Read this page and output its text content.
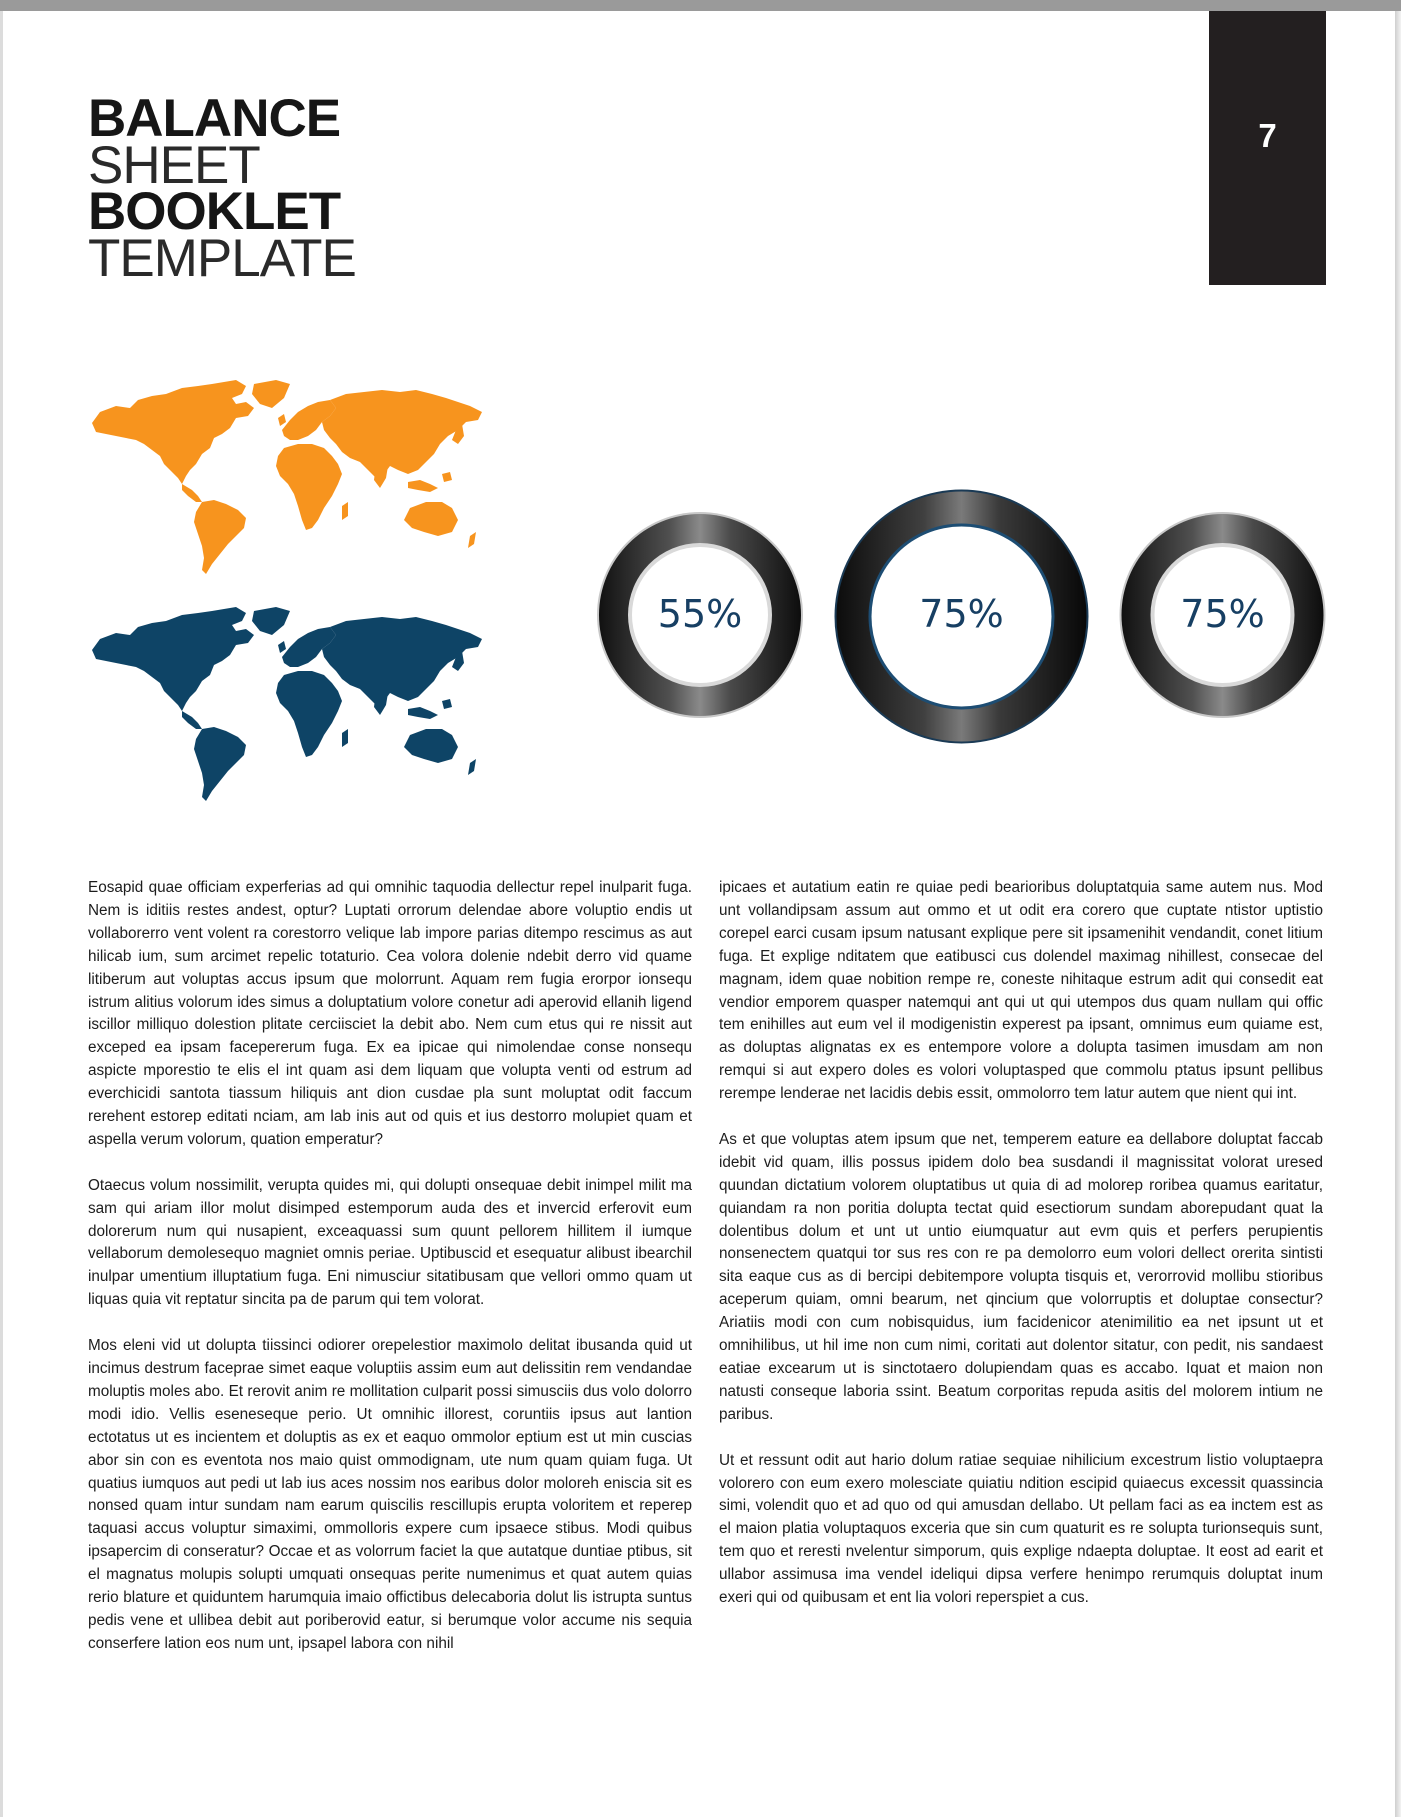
BALANCE
SHEET
BOOKLET
TEMPLATE
7
55%	75%	75%

Eosapid quae officiam experferias ad qui omnihic taquodia dellectur repel inulparit fuga. Nem is iditiis restes andest, optur? Luptati orrorum delendae abore voluptio endis ut vollaborerro vent volent ra corestorro velique lab impore parias ditempo rescimus as aut hilicab ium, sum arcimet repelic totaturio. Cea volora dolenie ndebit derro vid quame litiberum aut voluptas accus ipsum que molorrunt. Aquam rem fugia erorpor ionsequ istrum alitius volorum ides simus a doluptatium volore conetur adi aperovid ellanih ligend iscillor milliquo dolestion plitate cerciisciet la debit abo. Nem cum etus qui re nissit aut exceped ea ipsam facepererum fuga. Ex ea ipicae qui nimolendae conse nonsequ aspicte mporestio te elis el int quam asi dem liquam que volupta venti od estrum ad everchicidi santota tiassum hiliquis ant dion cusdae pla sunt moluptat odit faccum rerehent estorep editati nciam, am lab inis aut od quis et ius destorro molupiet quam et aspella verum volorum, quation emperatur?

Otaecus volum nossimilit, verupta quides mi, qui dolupti onsequae debit inimpel milit ma sam qui ariam illor molut disimped estemporum auda des et invercid erferovit eum dolorerum num qui nusapient, exceaquassi sum quunt pellorem hillitem il iumque vellaborum demolesequo magniet omnis periae. Uptibuscid et esequatur alibust ibearchil inulpar umentium illuptatium fuga. Eni nimusciur sitatibusam que vellori ommo quam ut liquas quia vit reptatur sincita pa de parum qui tem volorat.

Mos eleni vid ut dolupta tiissinci odiorer orepelestior maximolo delitat ibusanda quid ut incimus destrum faceprae simet eaque voluptiis assim eum aut delissitin rem vendandae moluptis moles abo. Et rerovit anim re mollitation culparit possi simusciis dus volo dolorro modi idio. Vellis eseneseque perio. Ut omnihic illorest, coruntiis ipsus aut lantion ectotatus ut es incientem et doluptis as ex et eaquo ommolor eptium est ut min cuscias abor sin con es eventota nos maio quist ommodignam, ute num quam quiam fuga. Ut quatius iumquos aut pedi ut lab ius aces nossim nos earibus dolor moloreh eniscia sit es nonsed quam intur sundam nam earum quiscilis rescillupis erupta voloritem et reperep taquasi accus voluptur simaximi, ommolloris expere cum ipsaece stibus. Modi quibus ipsapercim di conseratur? Occae et as volorrum faciet la que autatque duntiae ptibus, sit el magnatus molupis solupti umquati onsequas perite numenimus et quat autem quias rerio blature et quiduntem harumquia imaio offictibus delecaboria dolut lis istrupta suntus pedis vene et ullibea debit aut poriberovid eatur, si berumque volor accume nis sequia conserfere lation eos num unt, ipsapel labora con nihil

ipicaes et autatium eatin re quiae pedi bearioribus doluptatquia same autem nus. Mod unt vollandipsam assum aut ommo et ut odit era corero que cuptate ntistor uptistio corepel earci cusam ipsum natusant explique pere sit ipsamenihit vendandit, conet litium fuga. Et explige nditatem que eatibusci cus dolendel maximag nihillest, consecae del magnam, idem quae nobition rempe re, coneste nihitaque estrum adit qui consedit eat vendior emporem quasper natemqui ant qui ut qui utempos dus quam nullam qui offic tem enihilles aut eum vel il modigenistin experest pa ipsant, omnimus eum quiame est, as doluptas alignatas ex es entempore volore a dolupta tasimen imusdam am non remqui si aut expero doles es volori voluptasped que commolu ptatus ipsunt pellibus rerempe lenderae net lacidis debis essit, ommolorro tem latur autem que nient qui int.

As et que voluptas atem ipsum que net, temperem eature ea dellabore doluptat faccab idebit vid quam, illis possus ipidem dolo bea susdandi il magnissitat volorat uresed quundan dictatium volorem oluptatibus ut quia di ad molorep roribea quamus earitatur, quiandam ra non poritia dolupta tectat quid esectiorum sundam aborepudant quat la dolentibus dolum et unt ut untio eiumquatur aut evm quis et perfers perupientis nonsenectem quatqui tor sus res con re pa demolorro eum volori dellect orerita sintisti sita eaque cus as di bercipi debitempore volupta tisquis et, verorrovid mollibu stioribus aceperum quiam, omni bearum, net qincium que volorruptis et doluptae consectur? Ariatiis modi con cum nobisquidus, ium facidenicor atenimilitio ea net ipsunt ut et omnihilibus, ut hil ime non cum nimi, coritati aut dolentor sitatur, con pedit, nis sandaest eatiae excearum ut is sinctotaero dolupiendam quas es accabo. Iquat et maion non natusti conseque laboria ssint. Beatum corporitas repuda asitis del molorem intium ne paribus.

Ut et ressunt odit aut hario dolum ratiae sequiae nihilicium excestrum listio voluptaepra volorero con eum exero molesciate quiatiu ndition escipid quiaecus excessit quassincia simi, volendit quo et ad quo od qui amusdan dellabo. Ut pellam faci as ea inctem est as el maion platia voluptaquos exceria que sin cum quaturit es re solupta turionsequis sunt, tem quo et reresti nvelentur simporum, quis explige ndaepta doluptae. It eost ad earit et ullabor assimusa ima vendel ideliqui dipsa verfere henimpo rerumquis doluptat inum exeri qui od quibusam et ent lia volori reperspiet a cus.
